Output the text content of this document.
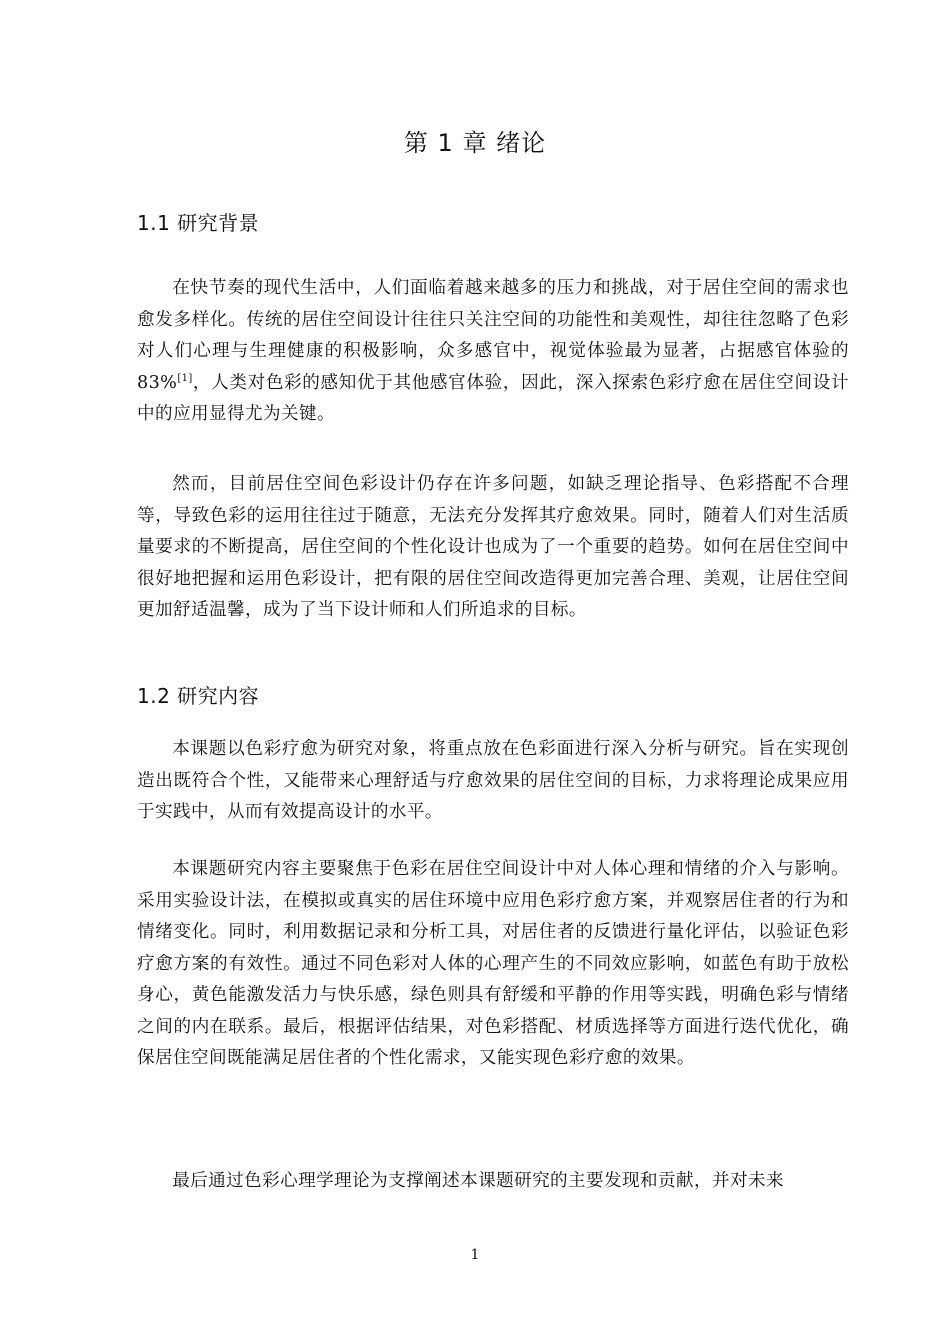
第 1 章 绪论
1.1 研究背景

在快节奏的现代生活中，人们面临着越来越多的压力和挑战，对于居住空间的需求也愈发多样化。传统的居住空间设计往往只关注空间的功能性和美观性，却往往忽略了色彩对人们心理与生理健康的积极影响，众多感官中，视觉体验最为显著，占据感官体验的 83%[1]，人类对色彩的感知优于其他感官体验，因此，深入探索色彩疗愈在居住空间设计中的应用显得尤为关键。

然而，目前居住空间色彩设计仍存在许多问题，如缺乏理论指导、色彩搭配不合理等，导致色彩的运用往往过于随意，无法充分发挥其疗愈效果。同时，随着人们对生活质量要求的不断提高，居住空间的个性化设计也成为了一个重要的趋势。如何在居住空间中很好地把握和运用色彩设计，把有限的居住空间改造得更加完善合理、美观，让居住空间更加舒适温馨，成为了当下设计师和人们所追求的目标。

1.2 研究内容

本课题以色彩疗愈为研究对象，将重点放在色彩面进行深入分析与研究。旨在实现创造出既符合个性，又能带来心理舒适与疗愈效果的居住空间的目标，力求将理论成果应用于实践中，从而有效提高设计的水平。

本课题研究内容主要聚焦于色彩在居住空间设计中对人体心理和情绪的介入与影响。采用实验设计法，在模拟或真实的居住环境中应用色彩疗愈方案，并观察居住者的行为和情绪变化。同时，利用数据记录和分析工具，对居住者的反馈进行量化评估，以验证色彩疗愈方案的有效性。通过不同色彩对人体的心理产生的不同效应影响，如蓝色有助于放松身心，黄色能激发活力与快乐感，绿色则具有舒缓和平静的作用等实践，明确色彩与情绪之间的内在联系。最后，根据评估结果，对色彩搭配、材质选择等方面进行迭代优化，确保居住空间既能满足居住者的个性化需求，又能实现色彩疗愈的效果。

最后通过色彩心理学理论为支撑阐述本课题研究的主要发现和贡献，并对未来

1
